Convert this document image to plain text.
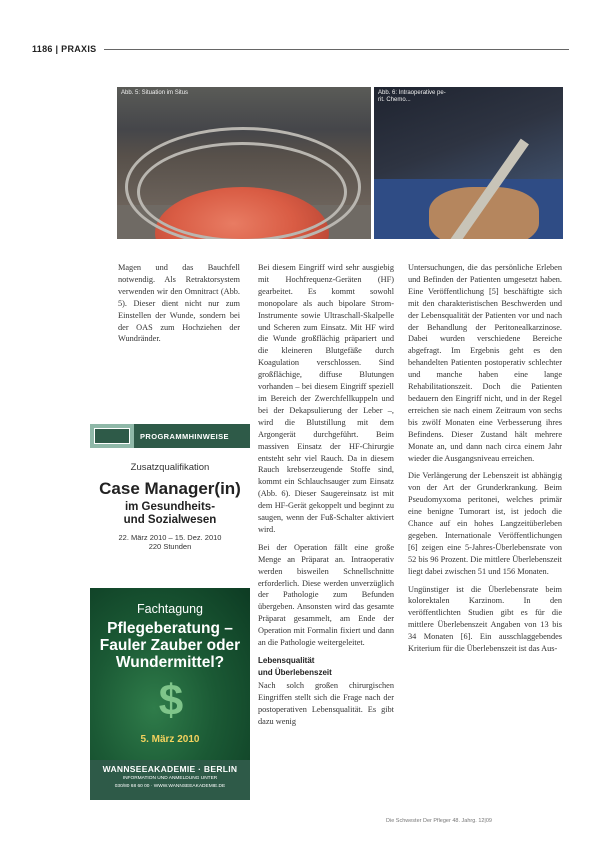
1186 | PRAXIS
Abb. 5: Situation im Situs	Abb. 6: Intraoperative pe-
rit. Chemo...

Magen und das Bauchfell notwendig. Als Retraktorsystem verwenden wir den Omnitract (Abb. 5). Dieser dient nicht nur zum Einstellen der Wunde, sondern bei der OAS zum Hochziehen der Wundränder.

Bei diesem Eingriff wird sehr ausgiebig mit Hochfrequenz-Geräten (HF) gearbeitet. Es kommt sowohl monopolare als auch bipolare Strom-Instrumente sowie Ultraschall-Skalpelle und Scheren zum Einsatz. Mit HF wird die Wunde großflächig präpariert und die kleineren Blutgefäße durch Koagulation verschlossen. Sind großflächige, diffuse Blutungen vorhanden – bei diesem Eingriff speziell im Bereich der Zwerchfellkuppeln und bei der Dekapsulierung der Leber –, wird die Blutstillung mit dem Argongerät durchgeführt. Beim massiven Einsatz der HF-Chirurgie entsteht sehr viel Rauch. Da in diesem Rauch krebserzeugende Stoffe sind, kommt ein Schlauchsauger zum Einsatz (Abb. 6). Dieser Saugereinsatz ist mit dem HF-Gerät gekoppelt und beginnt zu saugen, wenn der Fuß-Schalter aktiviert wird.

Bei der Operation fällt eine große Menge an Präparat an. Intraoperativ werden bisweilen Schnellschnitte erforderlich. Diese werden unverzüglich der Pathologie zum Befunden übergeben. Ansonsten wird das gesamte Präparat gesammelt, am Ende der Operation mit Formalin fixiert und dann an die Pathologie weitergeleitet.

Lebensqualität
und Überlebenszeit

Nach solch großen chirurgischen Eingriffen stellt sich die Frage nach der postoperativen Lebensqualität. Es gibt dazu wenig

Untersuchungen, die das persönliche Erleben und Befinden der Patienten umgesetzt haben. Eine Veröffentlichung [5] beschäftigte sich mit den charakteristischen Beschwerden und der Lebensqualität der Patienten vor und nach der Behandlung der Peritonealkarzinose. Dabei wurden verschiedene Bereiche abgefragt. Im Ergebnis geht es den behandelten Patienten postoperativ schlechter und manche haben eine lange Rehabilitationszeit. Doch die Patienten bedauern den Eingriff nicht, und in der Regel erreichen sie nach einem Zeitraum von sechs bis zwölf Monaten eine Verbesserung ihres Befindens. Dieser Zustand hält mehrere Monate an, und dann nach circa einem Jahr wieder die Ausgangsniveau erreichen.

Die Verlängerung der Lebenszeit ist abhängig von der Art der Grunderkrankung. Beim Pseudomyxoma peritonei, welches primär eine benigne Tumorart ist, ist jedoch die Chance auf ein hohes Langzeitüberleben gegeben. Internationale Veröffentlichungen [6] zeigen eine 5-Jahres-Überlebensrate von 52 bis 96 Prozent. Die mittlere Überlebenszeit liegt dabei zwischen 51 und 156 Monaten.

Ungünstiger ist die Überlebensrate beim kolorektalen Karzinom. In den veröffentlichten Studien gibt es für die mittlere Überlebenszeit Angaben von 13 bis 34 Monaten [6]. Ein ausschlaggebendes Kriterium für die Überlebenszeit ist das Aus-

PROGRAMMHINWEISE
Zusatzqualifikation
Case Manager(in)
im Gesundheits-
und Sozialwesen
22. März 2010 – 15. Dez. 2010
220 Stunden
Fachtagung
Pflegeberatung –
Fauler Zauber oder
Wundermittel?
$
5. März 2010
WANNSEEAKADEMIE · BERLIN
INFORMATION UND ANMELDUNG UNTER
030/80 68 60 00 · WWW.WANNSEEAKADEMIE.DE
Die Schwester Der Pfleger 48. Jahrg. 12|09
